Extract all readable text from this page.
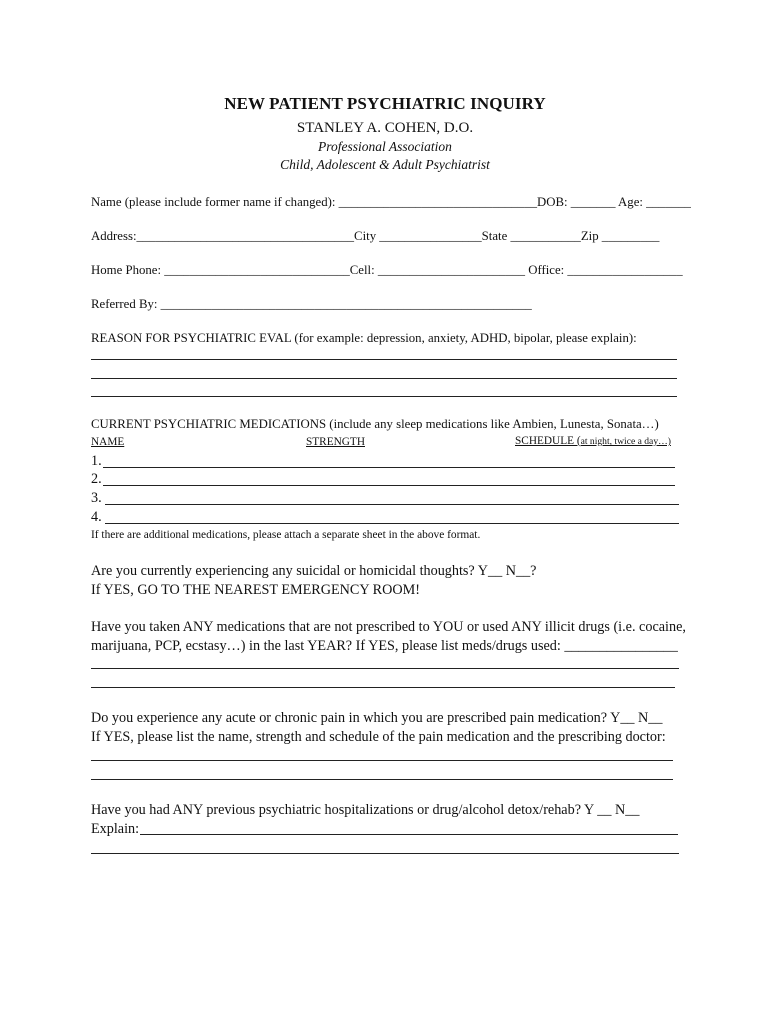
NEW PATIENT PSYCHIATRIC INQUIRY
STANLEY A. COHEN, D.O.
Professional Association
Child, Adolescent & Adult Psychiatrist
Name (please include former name if changed): _______________________________DOB: _______ Age: _______
Address:__________________________________City ________________State ___________Zip _________
Home Phone: _____________________________Cell: _______________________ Office: __________________
Referred By: __________________________________________________________
REASON FOR PSYCHIATRIC EVAL (for example: depression, anxiety, ADHD, bipolar, please explain):
CURRENT PSYCHIATRIC MEDICATIONS (include any sleep medications like Ambien, Lunesta, Sonata…)
NAME	STRENGTH	SCHEDULE (at night, twice a day…)
1.
2.
3.
4.
If there are additional medications, please attach a separate sheet in the above format.
Are you currently experiencing any suicidal or homicidal thoughts? Y__ N__?
If YES, GO TO THE NEAREST EMERGENCY ROOM!
Have you taken ANY medications that are not prescribed to YOU or used ANY illicit drugs (i.e. cocaine,
marijuana, PCP, ecstasy…) in the last YEAR? If YES, please list meds/drugs used: ________________
Do you experience any acute or chronic pain in which you are prescribed pain medication? Y__ N__
If YES, please list the name, strength and schedule of the pain medication and the prescribing doctor:
Have you had ANY previous psychiatric hospitalizations or drug/alcohol detox/rehab? Y __ N__
Explain:
